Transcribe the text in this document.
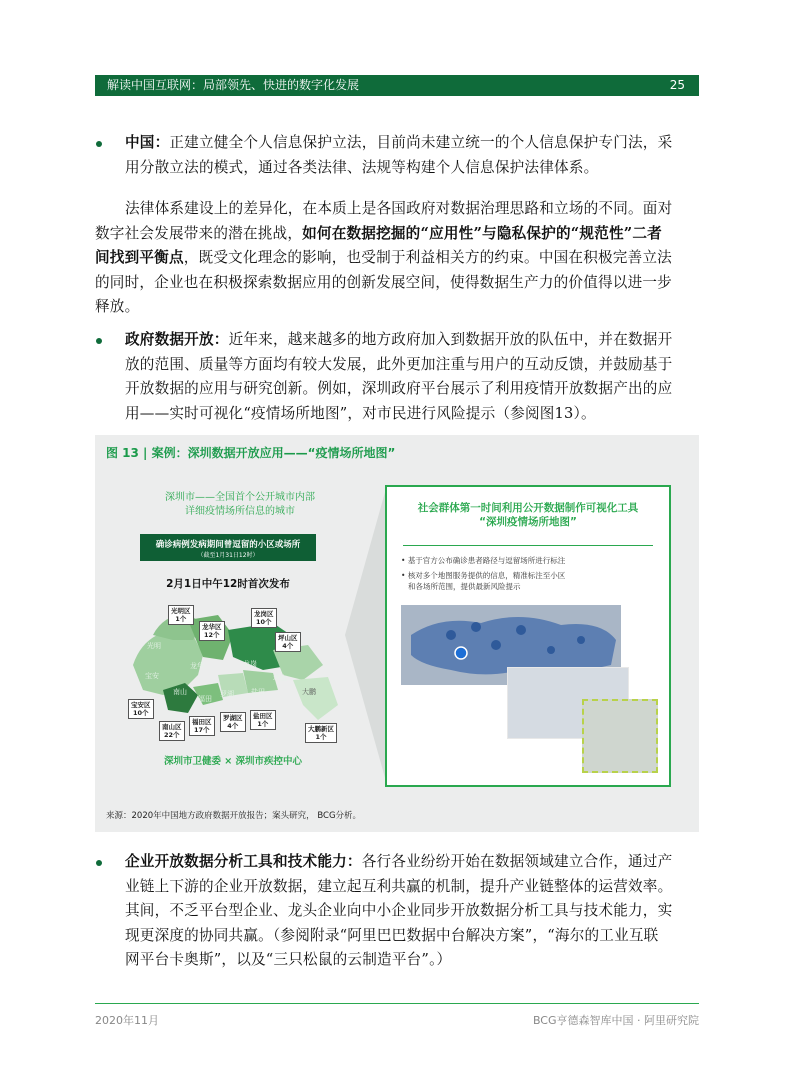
解读中国互联网：局部领先、快进的数字化发展	25
中国：正建立健全个人信息保护立法，目前尚未建立统一的个人信息保护专门法，采
用分散立法的模式，通过各类法律、法规等构建个人信息保护法律体系。
法律体系建设上的差异化，在本质上是各国政府对数据治理思路和立场的不同。面对
数字社会发展带来的潜在挑战，如何在数据挖掘的“应用性”与隐私保护的“规范性”二者
间找到平衡点，既受文化理念的影响，也受制于利益相关方的约束。中国在积极完善立法
的同时，企业也在积极探索数据应用的创新发展空间，使得数据生产力的价值得以进一步
释放。
政府数据开放：近年来，越来越多的地方政府加入到数据开放的队伍中，并在数据开
放的范围、质量等方面均有较大发展，此外更加注重与用户的互动反馈，并鼓励基于
开放数据的应用与研究创新。例如，深圳政府平台展示了利用疫情开放数据产出的应
用——实时可视化“疫情场所地图”，对市民进行风险提示（参阅图13）。
图 13 | 案例：深圳数据开放应用——“疫情场所地图”
深圳市——全国首个公开城市内部
详细疫情场所信息的城市
确诊病例发病期间曾逗留的小区或场所
（截至1月31日12时）
2月1日中午12时首次发布
光明
龙华	龙岗
宝安	坪山
南山
福田
罗湖 盐田	大鹏
光明区
1个
龙华区
12个
龙岗区
10个
坪山区
4个
宝安区
10个
南山区
22个
福田区
17个
罗湖区
4个
盐田区
1个
大鹏新区
1个
深圳市卫健委 × 深圳市疾控中心
社会群体第一时间利用公开数据制作可视化工具
“深圳疫情场所地图”
• 基于官方公布确诊患者路径与逗留场所进行标注
• 核对多个地图服务提供的信息，精准标注至小区
和各场所范围，提供最新风险提示
来源：2020年中国地方政府数据开放报告；案头研究， BCG分析。
企业开放数据分析工具和技术能力：各行各业纷纷开始在数据领域建立合作，通过产
业链上下游的企业开放数据，建立起互利共赢的机制，提升产业链整体的运营效率。
其间，不乏平台型企业、龙头企业向中小企业同步开放数据分析工具与技术能力，实
现更深度的协同共赢。（参阅附录“阿里巴巴数据中台解决方案”，“海尔的工业互联
网平台卡奥斯”，以及“三只松鼠的云制造平台”。）
2020年11月	BCG亨德森智库中国 · 阿里研究院
